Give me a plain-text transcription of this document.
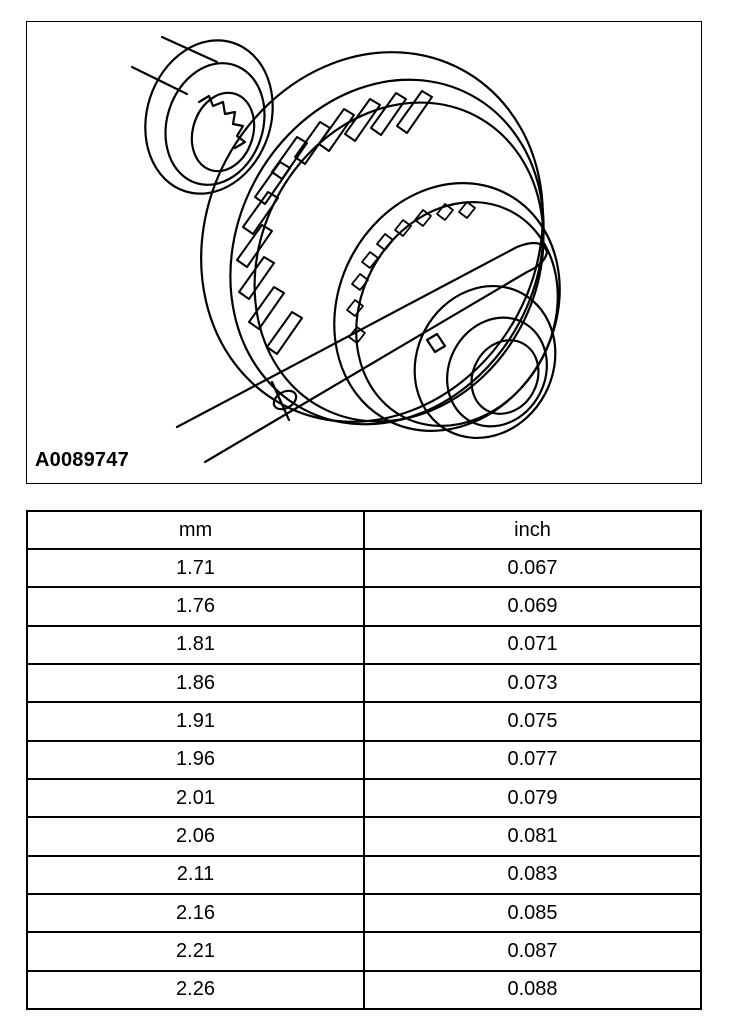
A0089747
mm	inch
1.71	0.067
1.76	0.069
1.81	0.071
1.86	0.073
1.91	0.075
1.96	0.077
2.01	0.079
2.06	0.081
2.11	0.083
2.16	0.085
2.21	0.087
2.26	0.088
